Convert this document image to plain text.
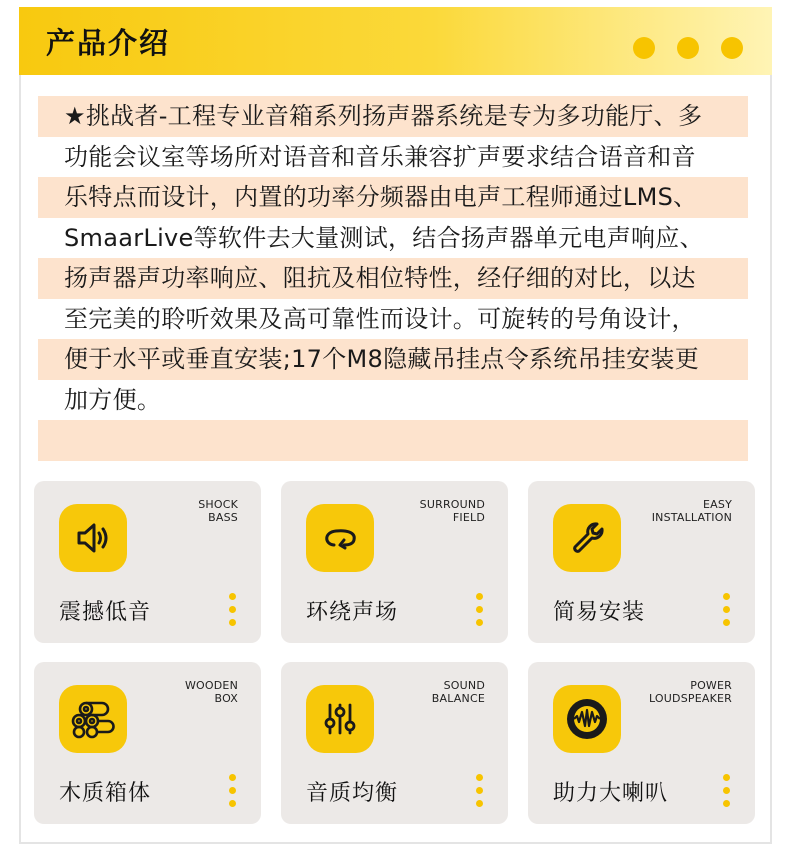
产品介绍
★挑战者-工程专业音箱系列扬声器系统是专为多功能厅、多
功能会议室等场所对语音和音乐兼容扩声要求结合语音和音
乐特点而设计，内置的功率分频器由电声工程师通过LMS、
SmaarLive等软件去大量测试，结合扬声器单元电声响应、
扬声器声功率响应、阻抗及相位特性，经仔细的对比，以达
至完美的聆听效果及高可靠性而设计。可旋转的号角设计，
便于水平或垂直安装;17个M8隐藏吊挂点令系统吊挂安装更
加方便。
SHOCK
BASS
震撼低音
SURROUND
FIELD
环绕声场
EASY
INSTALLATION
简易安装
WOODEN
BOX
木质箱体
SOUND
BALANCE
音质均衡
POWER
LOUDSPEAKER
助力大喇叭
